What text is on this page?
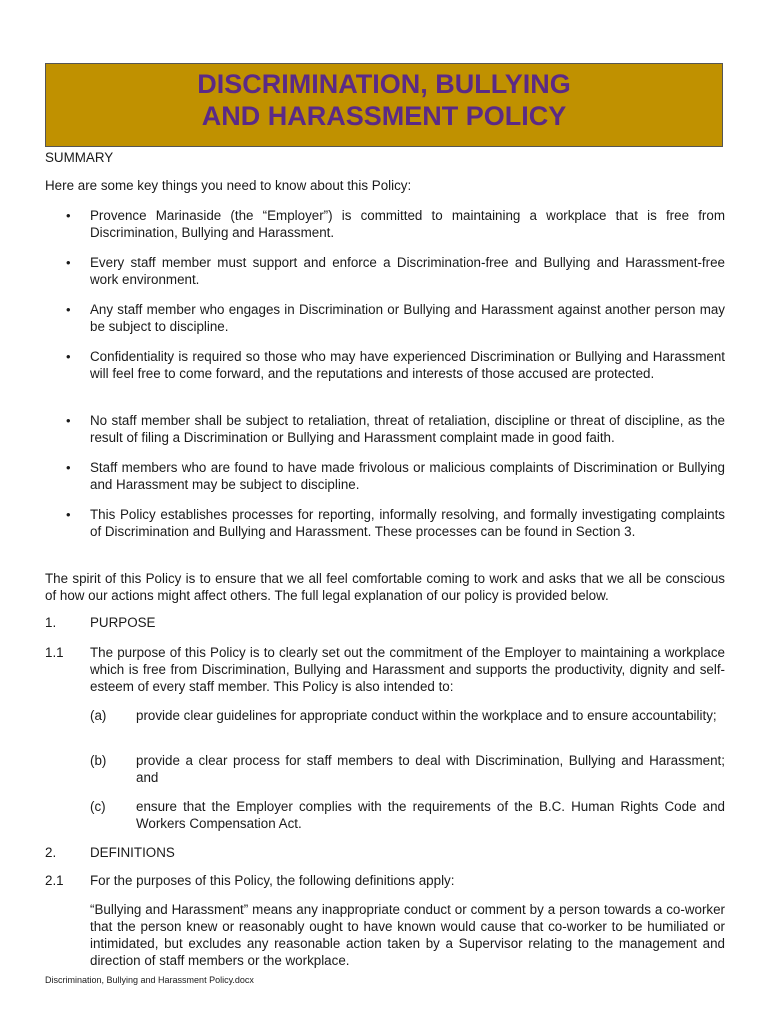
DISCRIMINATION, BULLYING
AND HARASSMENT POLICY
SUMMARY
Here are some key things you need to know about this Policy:
• Provence Marinaside (the “Employer”) is committed to maintaining a workplace that is free from Discrimination, Bullying and Harassment.
• Every staff member must support and enforce a Discrimination-free and Bullying and Harassment-free work environment.
• Any staff member who engages in Discrimination or Bullying and Harassment against another person may be subject to discipline.
• Confidentiality is required so those who may have experienced Discrimination or Bullying and Harassment will feel free to come forward, and the reputations and interests of those accused are protected.
• No staff member shall be subject to retaliation, threat of retaliation, discipline or threat of discipline, as the result of filing a Discrimination or Bullying and Harassment complaint made in good faith.
• Staff members who are found to have made frivolous or malicious complaints of Discrimination or Bullying and Harassment may be subject to discipline.
• This Policy establishes processes for reporting, informally resolving, and formally investigating complaints of Discrimination and Bullying and Harassment. These processes can be found in Section 3.
The spirit of this Policy is to ensure that we all feel comfortable coming to work and asks that we all be conscious of how our actions might affect others. The full legal explanation of our policy is provided below.
1.	PURPOSE
1.1 The purpose of this Policy is to clearly set out the commitment of the Employer to maintaining a workplace which is free from Discrimination, Bullying and Harassment and supports the productivity, dignity and self-esteem of every staff member. This Policy is also intended to:
(a) provide clear guidelines for appropriate conduct within the workplace and to ensure accountability;
(b) provide a clear process for staff members to deal with Discrimination, Bullying and Harassment; and
(c) ensure that the Employer complies with the requirements of the B.C. Human Rights Code and Workers Compensation Act.
2.	DEFINITIONS
2.1 For the purposes of this Policy, the following definitions apply:
“Bullying and Harassment” means any inappropriate conduct or comment by a person towards a co-worker that the person knew or reasonably ought to have known would cause that co-worker to be humiliated or intimidated, but excludes any reasonable action taken by a Supervisor relating to the management and direction of staff members or the workplace.
Discrimination, Bullying and Harassment Policy.docx
